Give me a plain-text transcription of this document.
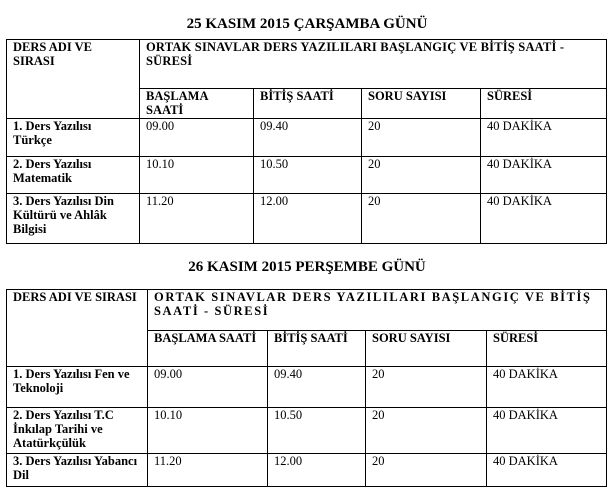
25 KASIM 2015 ÇARŞAMBA GÜNÜ
DERS ADI VE SIRASI	ORTAK SINAVLAR DERS YAZILILARI BAŞLANGIÇ VE BİTİŞ SAATİ - SÜRESİ			
	BAŞLAMA SAATİ	BİTİŞ SAATİ	SORU SAYISI	SÜRESİ
1. Ders Yazılısı Türkçe	09.00	09.40	20	40 DAKİKA
2. Ders Yazılısı Matematik	10.10	10.50	20	40 DAKİKA
3. Ders Yazılısı Din Kültürü ve Ahlâk Bilgisi	11.20	12.00	20	40 DAKİKA
26 KASIM 2015 PERŞEMBE GÜNÜ
DERS ADI VE SIRASI	ORTAK SINAVLAR DERS YAZILILARI BAŞLANGIÇ VE BİTİŞ SAATİ - SÜRESİ			
	BAŞLAMA SAATİ	BİTİŞ SAATİ	SORU SAYISI	SÜRESİ
1. Ders Yazılısı Fen ve Teknoloji	09.00	09.40	20	40 DAKİKA
2. Ders Yazılısı T.C İnkılap Tarihi ve Atatürkçülük	10.10	10.50	20	40 DAKİKA
3. Ders Yazılısı Yabancı Dil	11.20	12.00	20	40 DAKİKA
